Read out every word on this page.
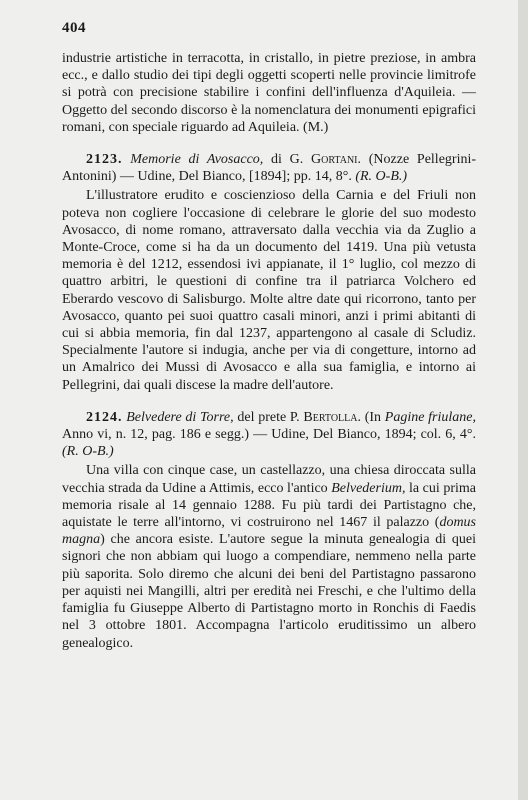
404

industrie artistiche in terracotta, in cristallo, in pietre preziose, in ambra ecc., e dallo studio dei tipi degli oggetti scoperti nelle provincie limitrofe si potrà con precisione stabilire i confini dell'influenza d'Aquileia. — Oggetto del secondo discorso è la nomenclatura dei monumenti epigrafici romani, con speciale riguardo ad Aquileia. (M.)

2123. Memorie di Avosacco, di G. Gortani. (Nozze Pellegrini-Antonini) — Udine, Del Bianco, [1894]; pp. 14, 8°. (R. O-B.)

L'illustratore erudito e coscienzioso della Carnia e del Friuli non poteva non cogliere l'occasione di celebrare le glorie del suo modesto Avosacco, di nome romano, attraversato dalla vecchia via da Zuglio a Monte-Croce, come si ha da un documento del 1419. Una più vetusta memoria è del 1212, essendosi ivi appianate, il 1° luglio, col mezzo di quattro arbitri, le questioni di confine tra il patriarca Volchero ed Eberardo vescovo di Salisburgo. Molte altre date qui ricorrono, tanto per Avosacco, quanto pei suoi quattro casali minori, anzi i primi abitanti di cui si abbia memoria, fin dal 1237, appartengono al casale di Scludiz. Specialmente l'autore si indugia, anche per via di congetture, intorno ad un Amalrico dei Mussi di Avosacco e alla sua famiglia, e intorno ai Pellegrini, dai quali discese la madre dell'autore.

2124. Belvedere di Torre, del prete P. Bertolla. (In Pagine friulane, Anno vi, n. 12, pag. 186 e segg.) — Udine, Del Bianco, 1894; col. 6, 4°. (R. O-B.)

Una villa con cinque case, un castellazzo, una chiesa diroccata sulla vecchia strada da Udine a Attimis, ecco l'antico Belvederium, la cui prima memoria risale al 14 gennaio 1288. Fu più tardi dei Partistagno che, aquistate le terre all'intorno, vi costruirono nel 1467 il palazzo (domus magna) che ancora esiste. L'autore segue la minuta genealogia di quei signori che non abbiam qui luogo a compendiare, nemmeno nella parte più saporita. Solo diremo che alcuni dei beni del Partistagno passarono per aquisti nei Mangilli, altri per eredità nei Freschi, e che l'ultimo della famiglia fu Giuseppe Alberto di Partistagno morto in Ronchis di Faedis nel 3 ottobre 1801. Accompagna l'articolo eruditissimo un albero genealogico.
